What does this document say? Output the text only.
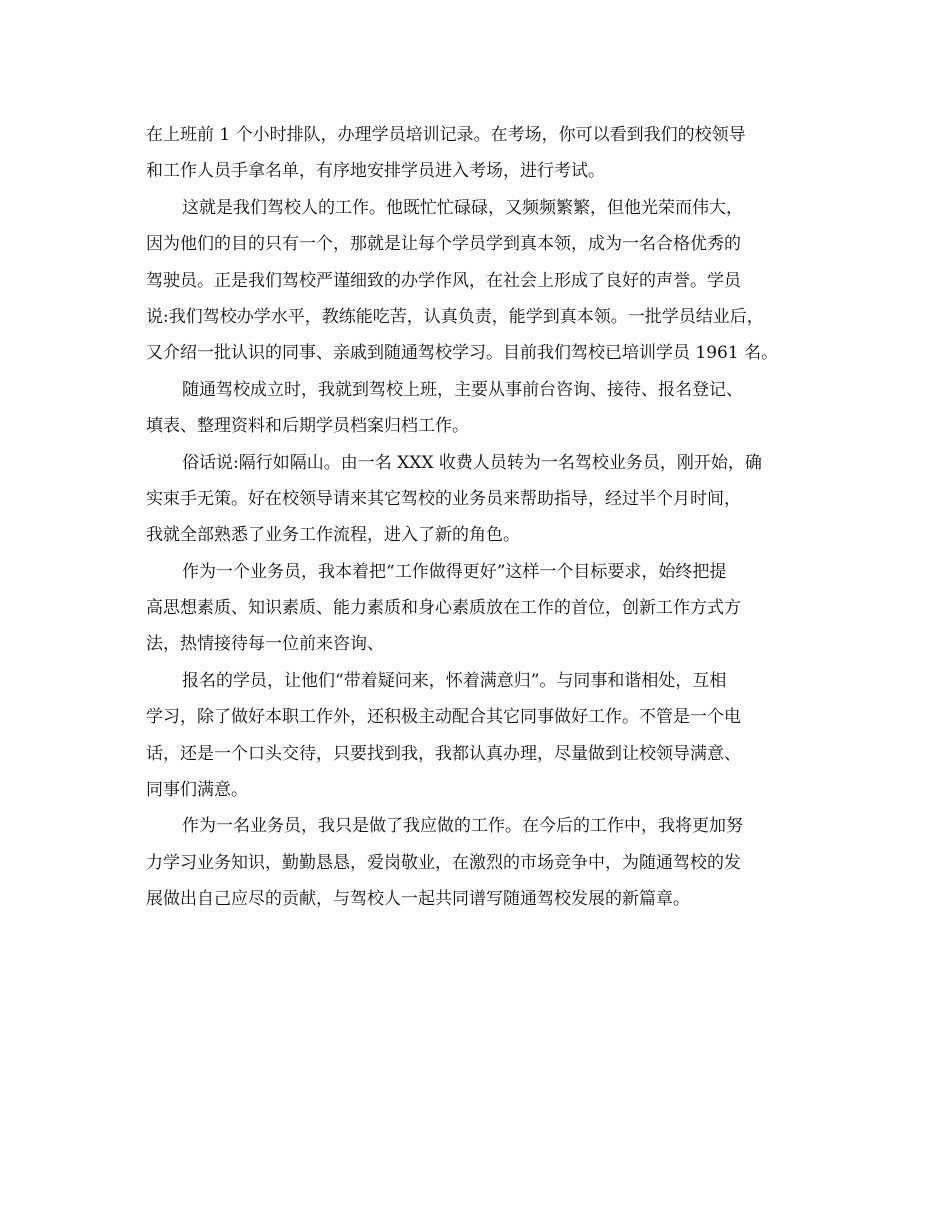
在上班前 1 个小时排队，办理学员培训记录。在考场，你可以看到我们的校领导
和工作人员手拿名单，有序地安排学员进入考场，进行考试。

这就是我们驾校人的工作。他既忙忙碌碌，又频频繁繁，但他光荣而伟大，
因为他们的目的只有一个，那就是让每个学员学到真本领，成为一名合格优秀的
驾驶员。正是我们驾校严谨细致的办学作风，在社会上形成了良好的声誉。学员
说:我们驾校办学水平，教练能吃苦，认真负责，能学到真本领。一批学员结业后，
又介绍一批认识的同事、亲戚到随通驾校学习。目前我们驾校已培训学员 1961 名。

随通驾校成立时，我就到驾校上班，主要从事前台咨询、接待、报名登记、
填表、整理资料和后期学员档案归档工作。

俗话说:隔行如隔山。由一名 XXX 收费人员转为一名驾校业务员，刚开始，确
实束手无策。好在校领导请来其它驾校的业务员来帮助指导，经过半个月时间，
我就全部熟悉了业务工作流程，进入了新的角色。

作为一个业务员，我本着把“工作做得更好”这样一个目标要求，始终把提
高思想素质、知识素质、能力素质和身心素质放在工作的首位，创新工作方式方
法，热情接待每一位前来咨询、

报名的学员，让他们“带着疑问来，怀着满意归”。与同事和谐相处，互相
学习，除了做好本职工作外，还积极主动配合其它同事做好工作。不管是一个电
话，还是一个口头交待，只要找到我，我都认真办理，尽量做到让校领导满意、
同事们满意。

作为一名业务员，我只是做了我应做的工作。在今后的工作中，我将更加努
力学习业务知识，勤勤恳恳，爱岗敬业，在激烈的市场竞争中，为随通驾校的发
展做出自己应尽的贡献，与驾校人一起共同谱写随通驾校发展的新篇章。
